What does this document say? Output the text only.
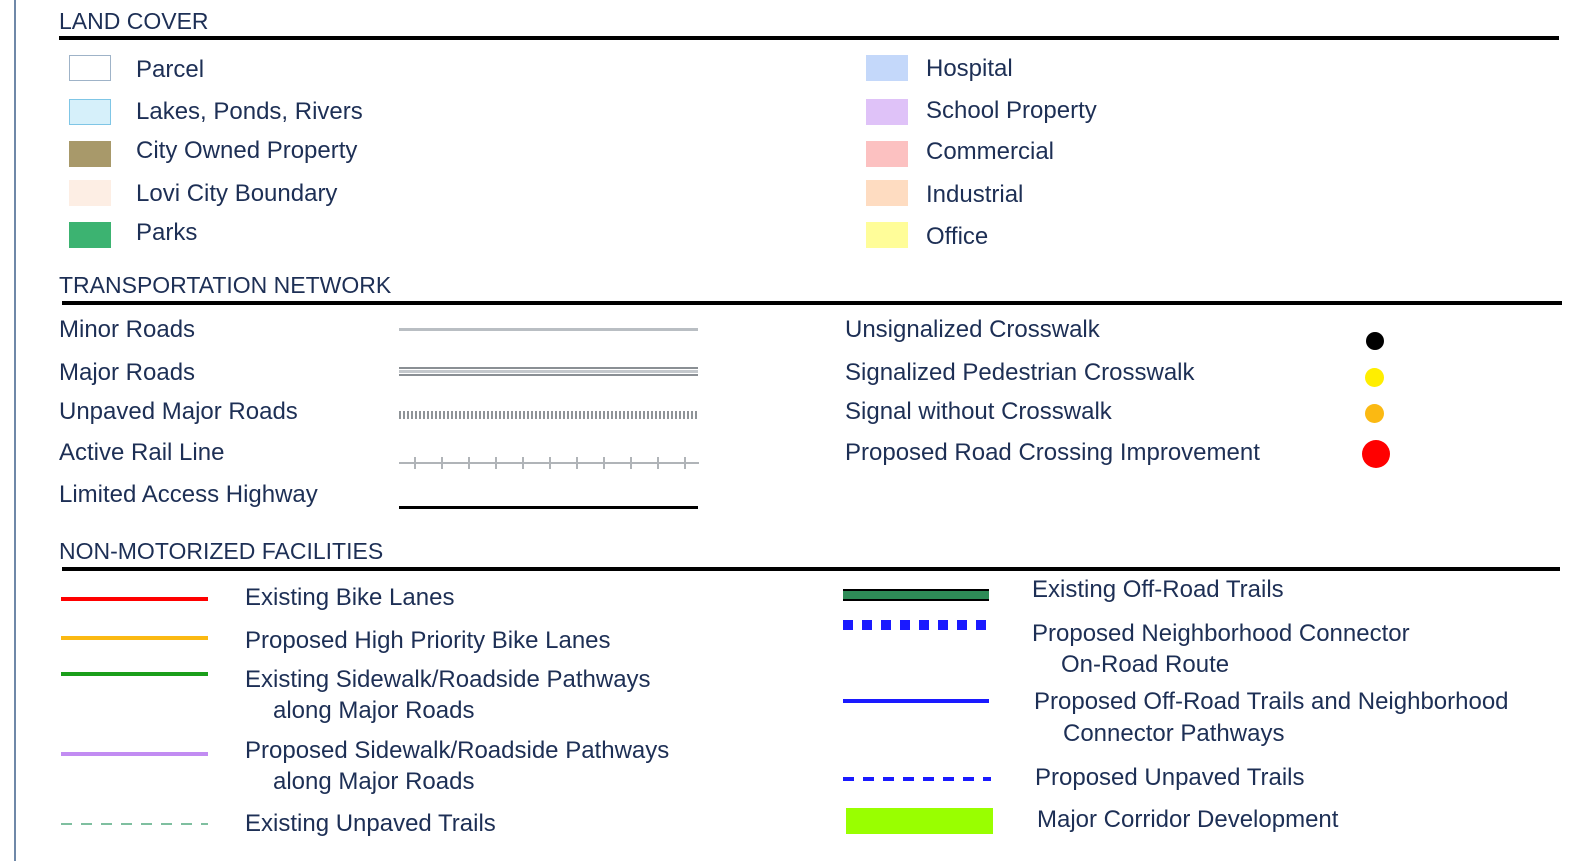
LAND COVER
Parcel
Lakes, Ponds, Rivers
City Owned Property
Lovi City Boundary
Parks
Hospital
School Property
Commercial
Industrial
Office
TRANSPORTATION NETWORK
Minor Roads
Major Roads
Unpaved Major Roads
Active Rail Line
Limited Access Highway
Unsignalized Crosswalk
Signalized Pedestrian Crosswalk
Signal without Crosswalk
Proposed Road Crossing Improvement
NON-MOTORIZED FACILITIES
Existing Bike Lanes
Proposed High Priority Bike Lanes
Existing Sidewalk/Roadside Pathways
along Major Roads
Proposed Sidewalk/Roadside Pathways
along Major Roads
Existing Unpaved Trails
Existing Off-Road Trails
Proposed Neighborhood Connector
On-Road Route
Proposed Off-Road Trails and Neighborhood
Connector Pathways
Proposed Unpaved Trails
Major Corridor Development
